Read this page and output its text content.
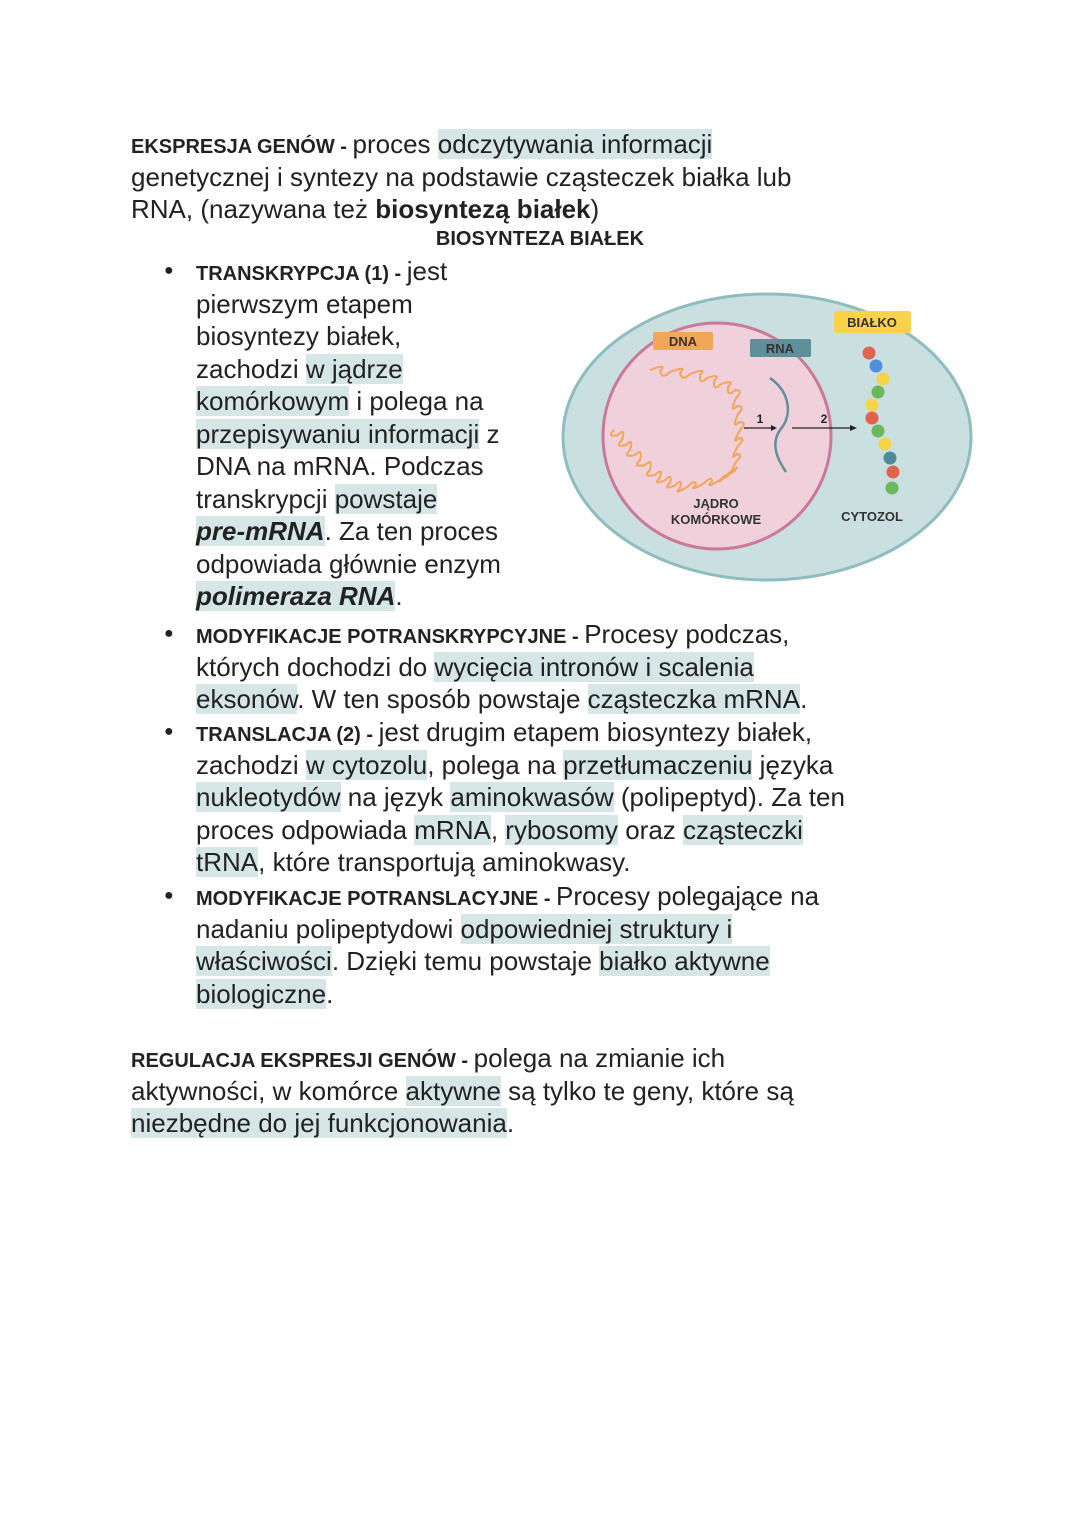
EKSPRESJA GENÓW - proces odczytywania informacji
genetycznej i syntezy na podstawie cząsteczek białka lub
RNA, (nazywana też biosyntezą białek)
BIOSYNTEZA BIAŁEK
● TRANSKRYPCJA (1) - jest
pierwszym etapem
biosyntezy białek,
zachodzi w jądrze
komórkowym i polega na
przepisywaniu informacji z
DNA na mRNA. Podczas
transkrypcji powstaje
pre-mRNA. Za ten proces
odpowiada głównie enzym
polimeraza RNA.
● MODYFIKACJE POTRANSKRYPCYJNE - Procesy podczas,
których dochodzi do wycięcia intronów i scalenia
eksonów. W ten sposób powstaje cząsteczka mRNA.
● TRANSLACJA (2) - jest drugim etapem biosyntezy białek,
zachodzi w cytozolu, polega na przetłumaczeniu języka
nukleotydów na język aminokwasów (polipeptyd). Za ten
proces odpowiada mRNA, rybosomy oraz cząsteczki
tRNA, które transportują aminokwasy.
● MODYFIKACJE POTRANSLACYJNE - Procesy polegające na
nadaniu polipeptydowi odpowiedniej struktury i
właściwości. Dzięki temu powstaje białko aktywne
biologiczne.
REGULACJA EKSPRESJI GENÓW - polega na zmianie ich
aktywności, w komórce aktywne są tylko te geny, które są
niezbędne do jej funkcjonowania.
DNA	RNA
1	2
BIAŁKO
JĄDRO
KOMÓRKOWE	CYTOZOL
